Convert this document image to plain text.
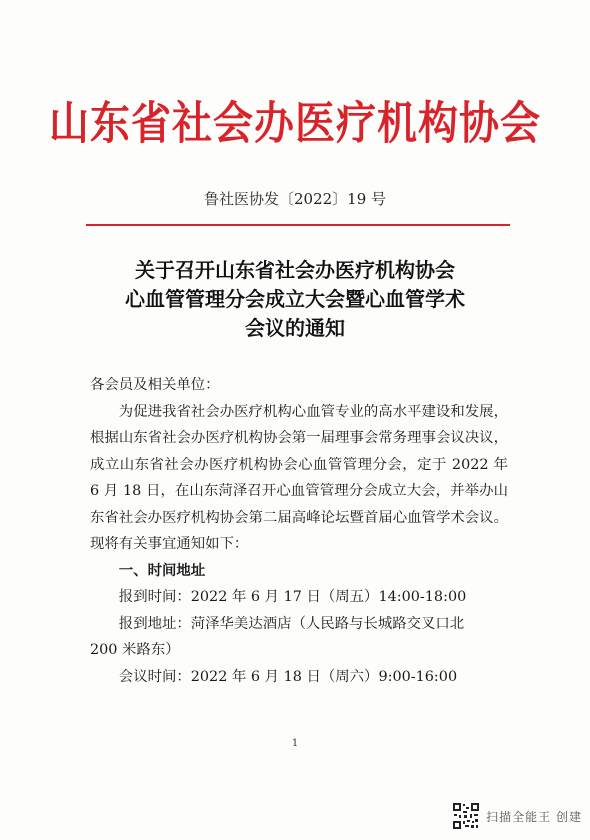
山东省社会办医疗机构协会
鲁社医协发〔2022〕19 号
关于召开山东省社会办医疗机构协会
心血管管理分会成立大会暨心血管学术
会议的通知

各会员及相关单位：

为促进我省社会办医疗机构心血管专业的高水平建设和发展，根据山东省社会办医疗机构协会第一届理事会常务理事会议决议，成立山东省社会办医疗机构协会心血管管理分会，定于 2022 年 6 月 18 日，在山东菏泽召开心血管管理分会成立大会，并举办山东省社会办医疗机构协会第二届高峰论坛暨首届心血管学术会议。现将有关事宜通知如下：

一、时间地址

报到时间：2022 年 6 月 17 日（周五）14:00-18:00

报到地址：菏泽华美达酒店（人民路与长城路交叉口北

200 米路东）

会议时间：2022 年 6 月 18 日（周六）9:00-16:00

1
扫描全能王 创建
